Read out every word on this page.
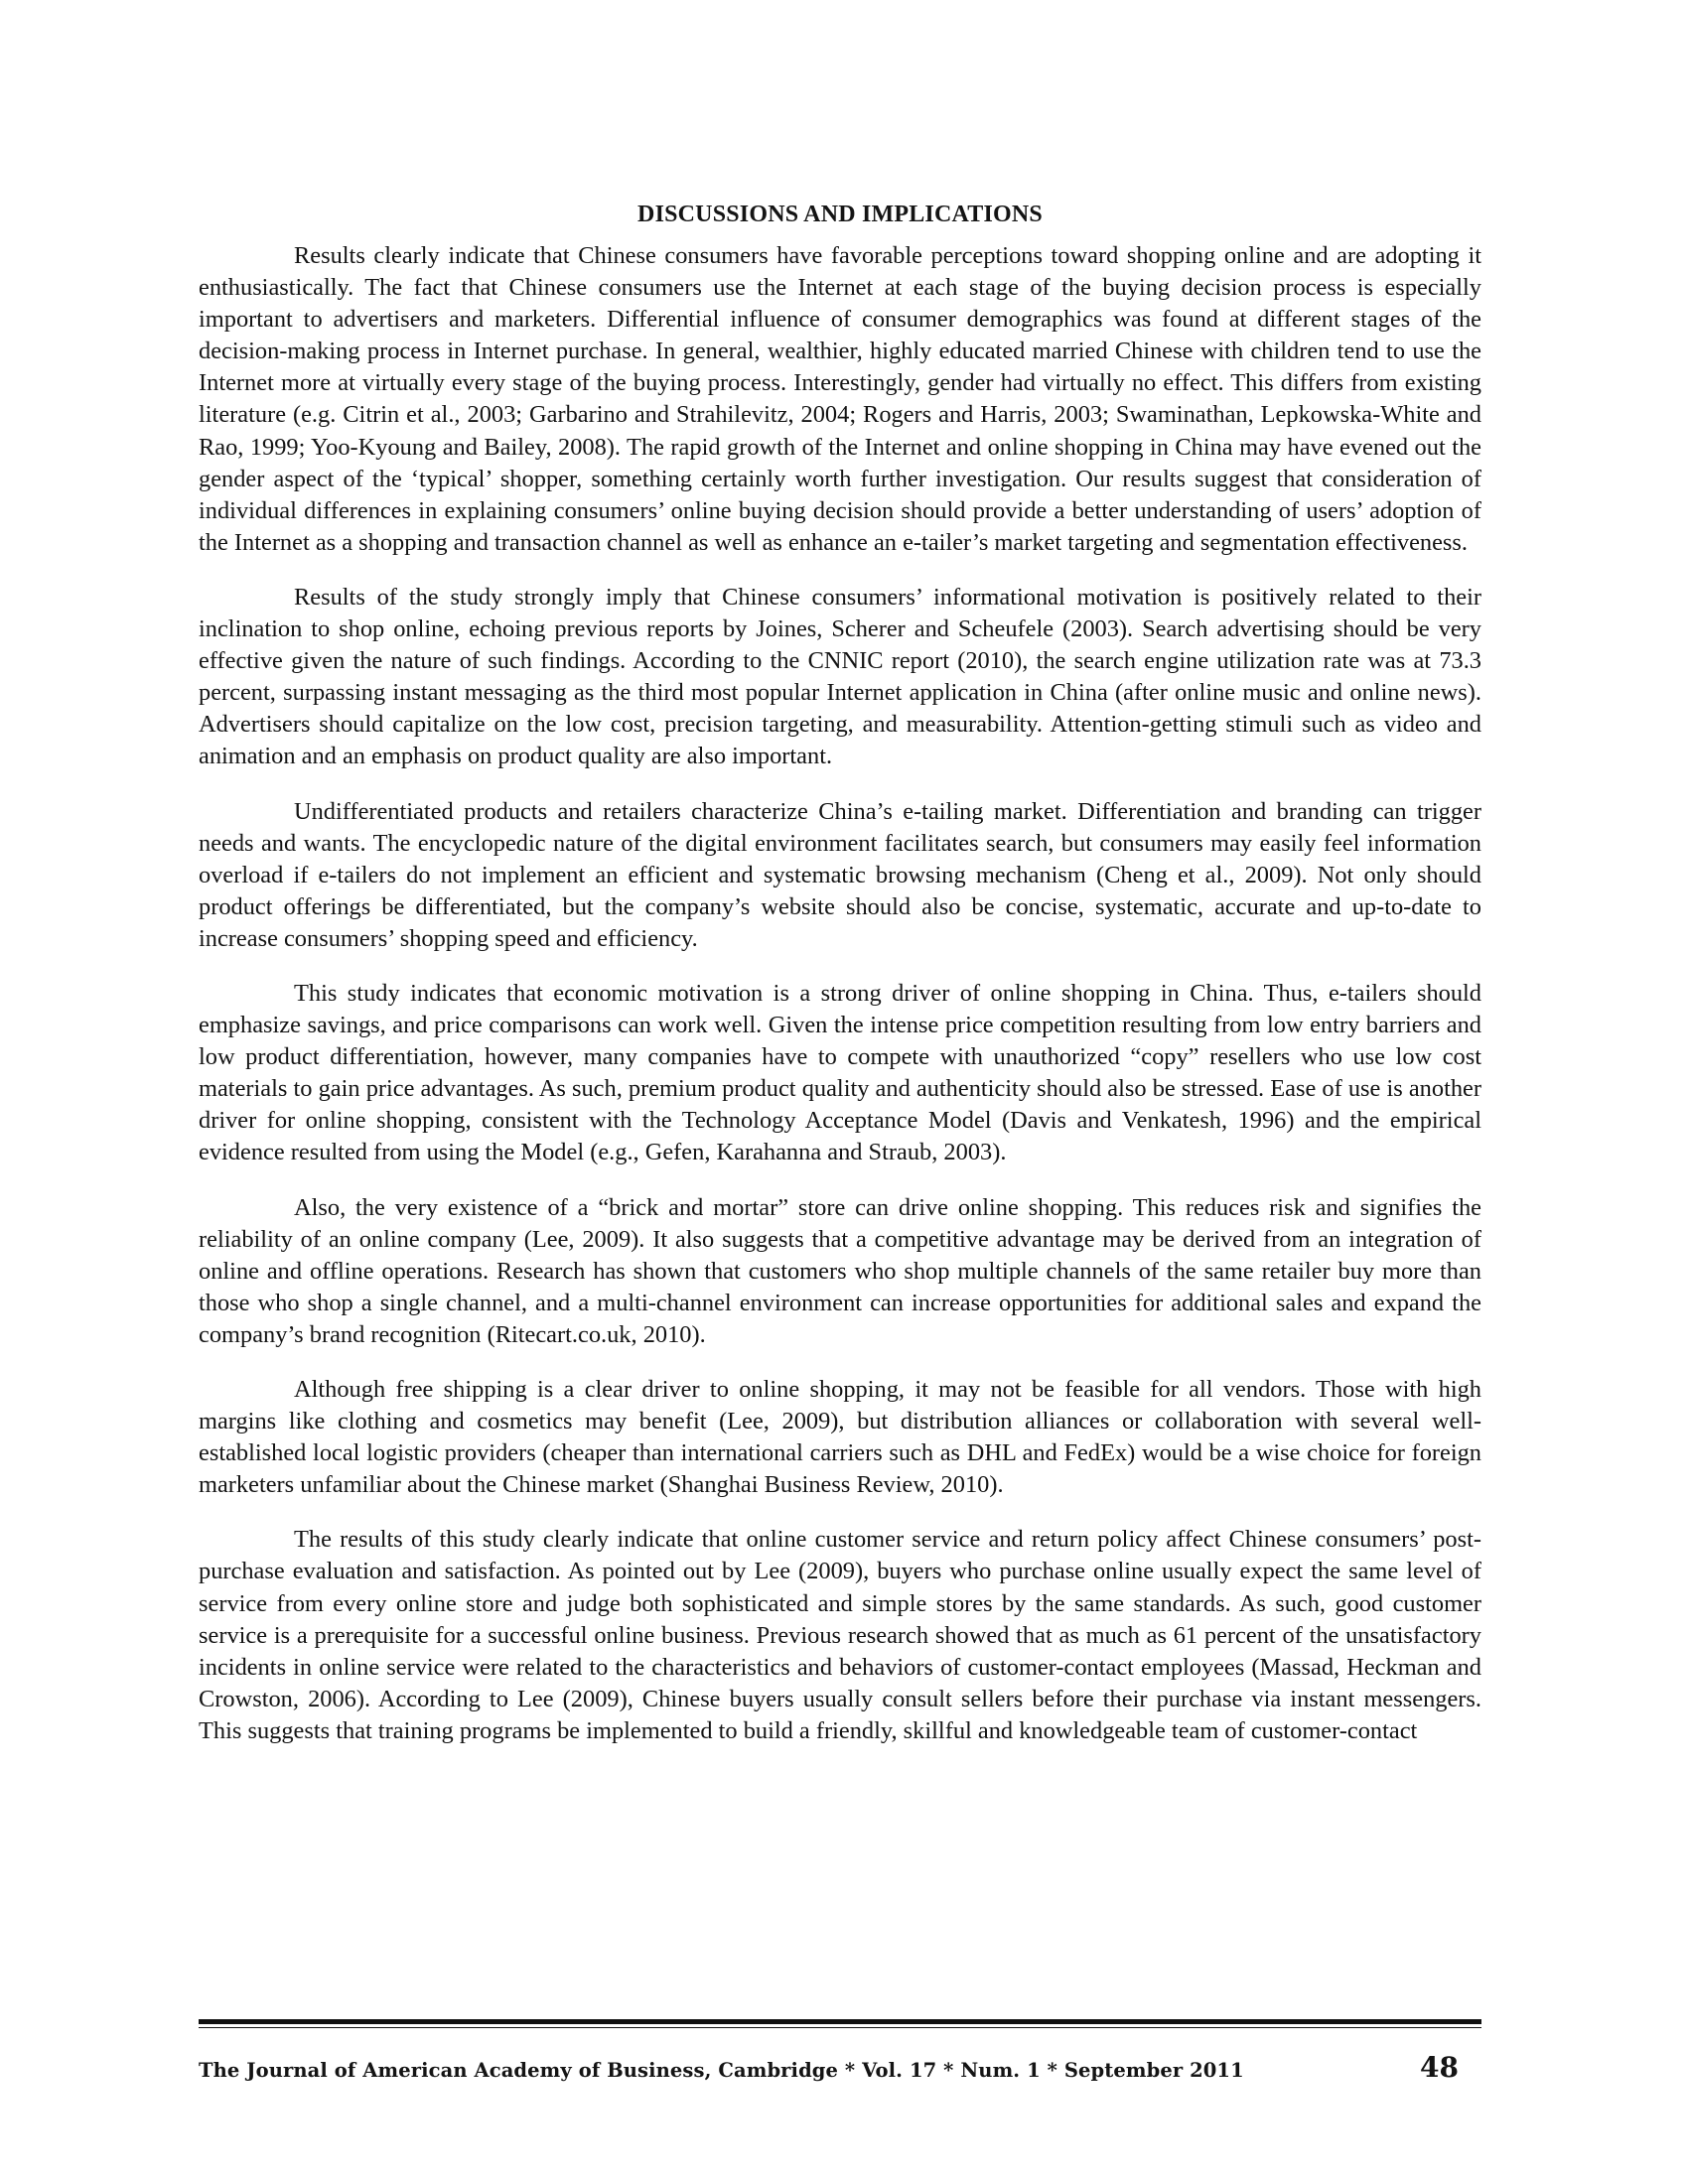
DISCUSSIONS AND IMPLICATIONS

Results clearly indicate that Chinese consumers have favorable perceptions toward shopping online and are adopting it enthusiastically. The fact that Chinese consumers use the Internet at each stage of the buying decision process is especially important to advertisers and marketers. Differential influence of consumer demographics was found at different stages of the decision-making process in Internet purchase. In general, wealthier, highly educated married Chinese with children tend to use the Internet more at virtually every stage of the buying process. Interestingly, gender had virtually no effect. This differs from existing literature (e.g. Citrin et al., 2003; Garbarino and Strahilevitz, 2004; Rogers and Harris, 2003; Swaminathan, Lepkowska-White and Rao, 1999; Yoo-Kyoung and Bailey, 2008). The rapid growth of the Internet and online shopping in China may have evened out the gender aspect of the ‘typical’ shopper, something certainly worth further investigation. Our results suggest that consideration of individual differences in explaining consumers’ online buying decision should provide a better understanding of users’ adoption of the Internet as a shopping and transaction channel as well as enhance an e-tailer’s market targeting and segmentation effectiveness.

Results of the study strongly imply that Chinese consumers’ informational motivation is positively related to their inclination to shop online, echoing previous reports by Joines, Scherer and Scheufele (2003). Search advertising should be very effective given the nature of such findings. According to the CNNIC report (2010), the search engine utilization rate was at 73.3 percent, surpassing instant messaging as the third most popular Internet application in China (after online music and online news). Advertisers should capitalize on the low cost, precision targeting, and measurability. Attention-getting stimuli such as video and animation and an emphasis on product quality are also important.

Undifferentiated products and retailers characterize China’s e-tailing market. Differentiation and branding can trigger needs and wants. The encyclopedic nature of the digital environment facilitates search, but consumers may easily feel information overload if e-tailers do not implement an efficient and systematic browsing mechanism (Cheng et al., 2009). Not only should product offerings be differentiated, but the company’s website should also be concise, systematic, accurate and up-to-date to increase consumers’ shopping speed and efficiency.

This study indicates that economic motivation is a strong driver of online shopping in China. Thus, e-tailers should emphasize savings, and price comparisons can work well. Given the intense price competition resulting from low entry barriers and low product differentiation, however, many companies have to compete with unauthorized “copy” resellers who use low cost materials to gain price advantages. As such, premium product quality and authenticity should also be stressed. Ease of use is another driver for online shopping, consistent with the Technology Acceptance Model (Davis and Venkatesh, 1996) and the empirical evidence resulted from using the Model (e.g., Gefen, Karahanna and Straub, 2003).

Also, the very existence of a “brick and mortar” store can drive online shopping. This reduces risk and signifies the reliability of an online company (Lee, 2009). It also suggests that a competitive advantage may be derived from an integration of online and offline operations. Research has shown that customers who shop multiple channels of the same retailer buy more than those who shop a single channel, and a multi-channel environment can increase opportunities for additional sales and expand the company’s brand recognition (Ritecart.co.uk, 2010).

Although free shipping is a clear driver to online shopping, it may not be feasible for all vendors. Those with high margins like clothing and cosmetics may benefit (Lee, 2009), but distribution alliances or collaboration with several well-established local logistic providers (cheaper than international carriers such as DHL and FedEx) would be a wise choice for foreign marketers unfamiliar about the Chinese market (Shanghai Business Review, 2010).

The results of this study clearly indicate that online customer service and return policy affect Chinese consumers’ post-purchase evaluation and satisfaction. As pointed out by Lee (2009), buyers who purchase online usually expect the same level of service from every online store and judge both sophisticated and simple stores by the same standards. As such, good customer service is a prerequisite for a successful online business. Previous research showed that as much as 61 percent of the unsatisfactory incidents in online service were related to the characteristics and behaviors of customer-contact employees (Massad, Heckman and Crowston, 2006). According to Lee (2009), Chinese buyers usually consult sellers before their purchase via instant messengers. This suggests that training programs be implemented to build a friendly, skillful and knowledgeable team of customer-contact

The Journal of American Academy of Business, Cambridge * Vol. 17 * Num. 1 * September 2011	48
